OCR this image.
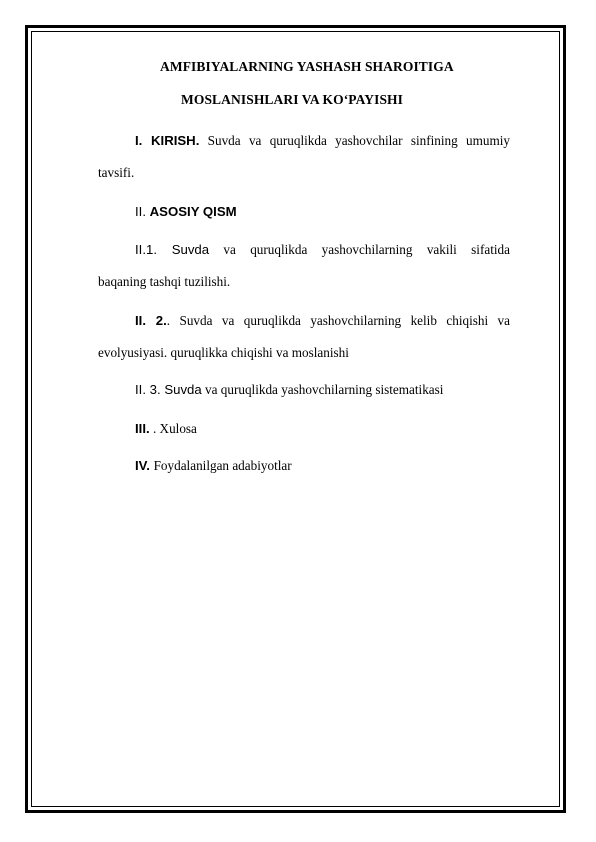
AMFIBIYALARNING YASHASH SHAROITIGA
MOSLANISHLARI VA KO‘PAYISHI
I. KIRISH. Suvda va quruqlikda yashovchilar sinfining umumiy
tavsifi.
II. ASOSIY QISM
II.1. Suvda va quruqlikda yashovchilarning vakili sifatida
baqaning tashqi tuzilishi.
II. 2.. Suvda va quruqlikda yashovchilarning kelib chiqishi va
evolyusiyasi. quruqlikka chiqishi va moslanishi
II. 3. Suvda va quruqlikda yashovchilarning sistematikasi
III. . Xulosa
IV. Foydalanilgan adabiyotlar
